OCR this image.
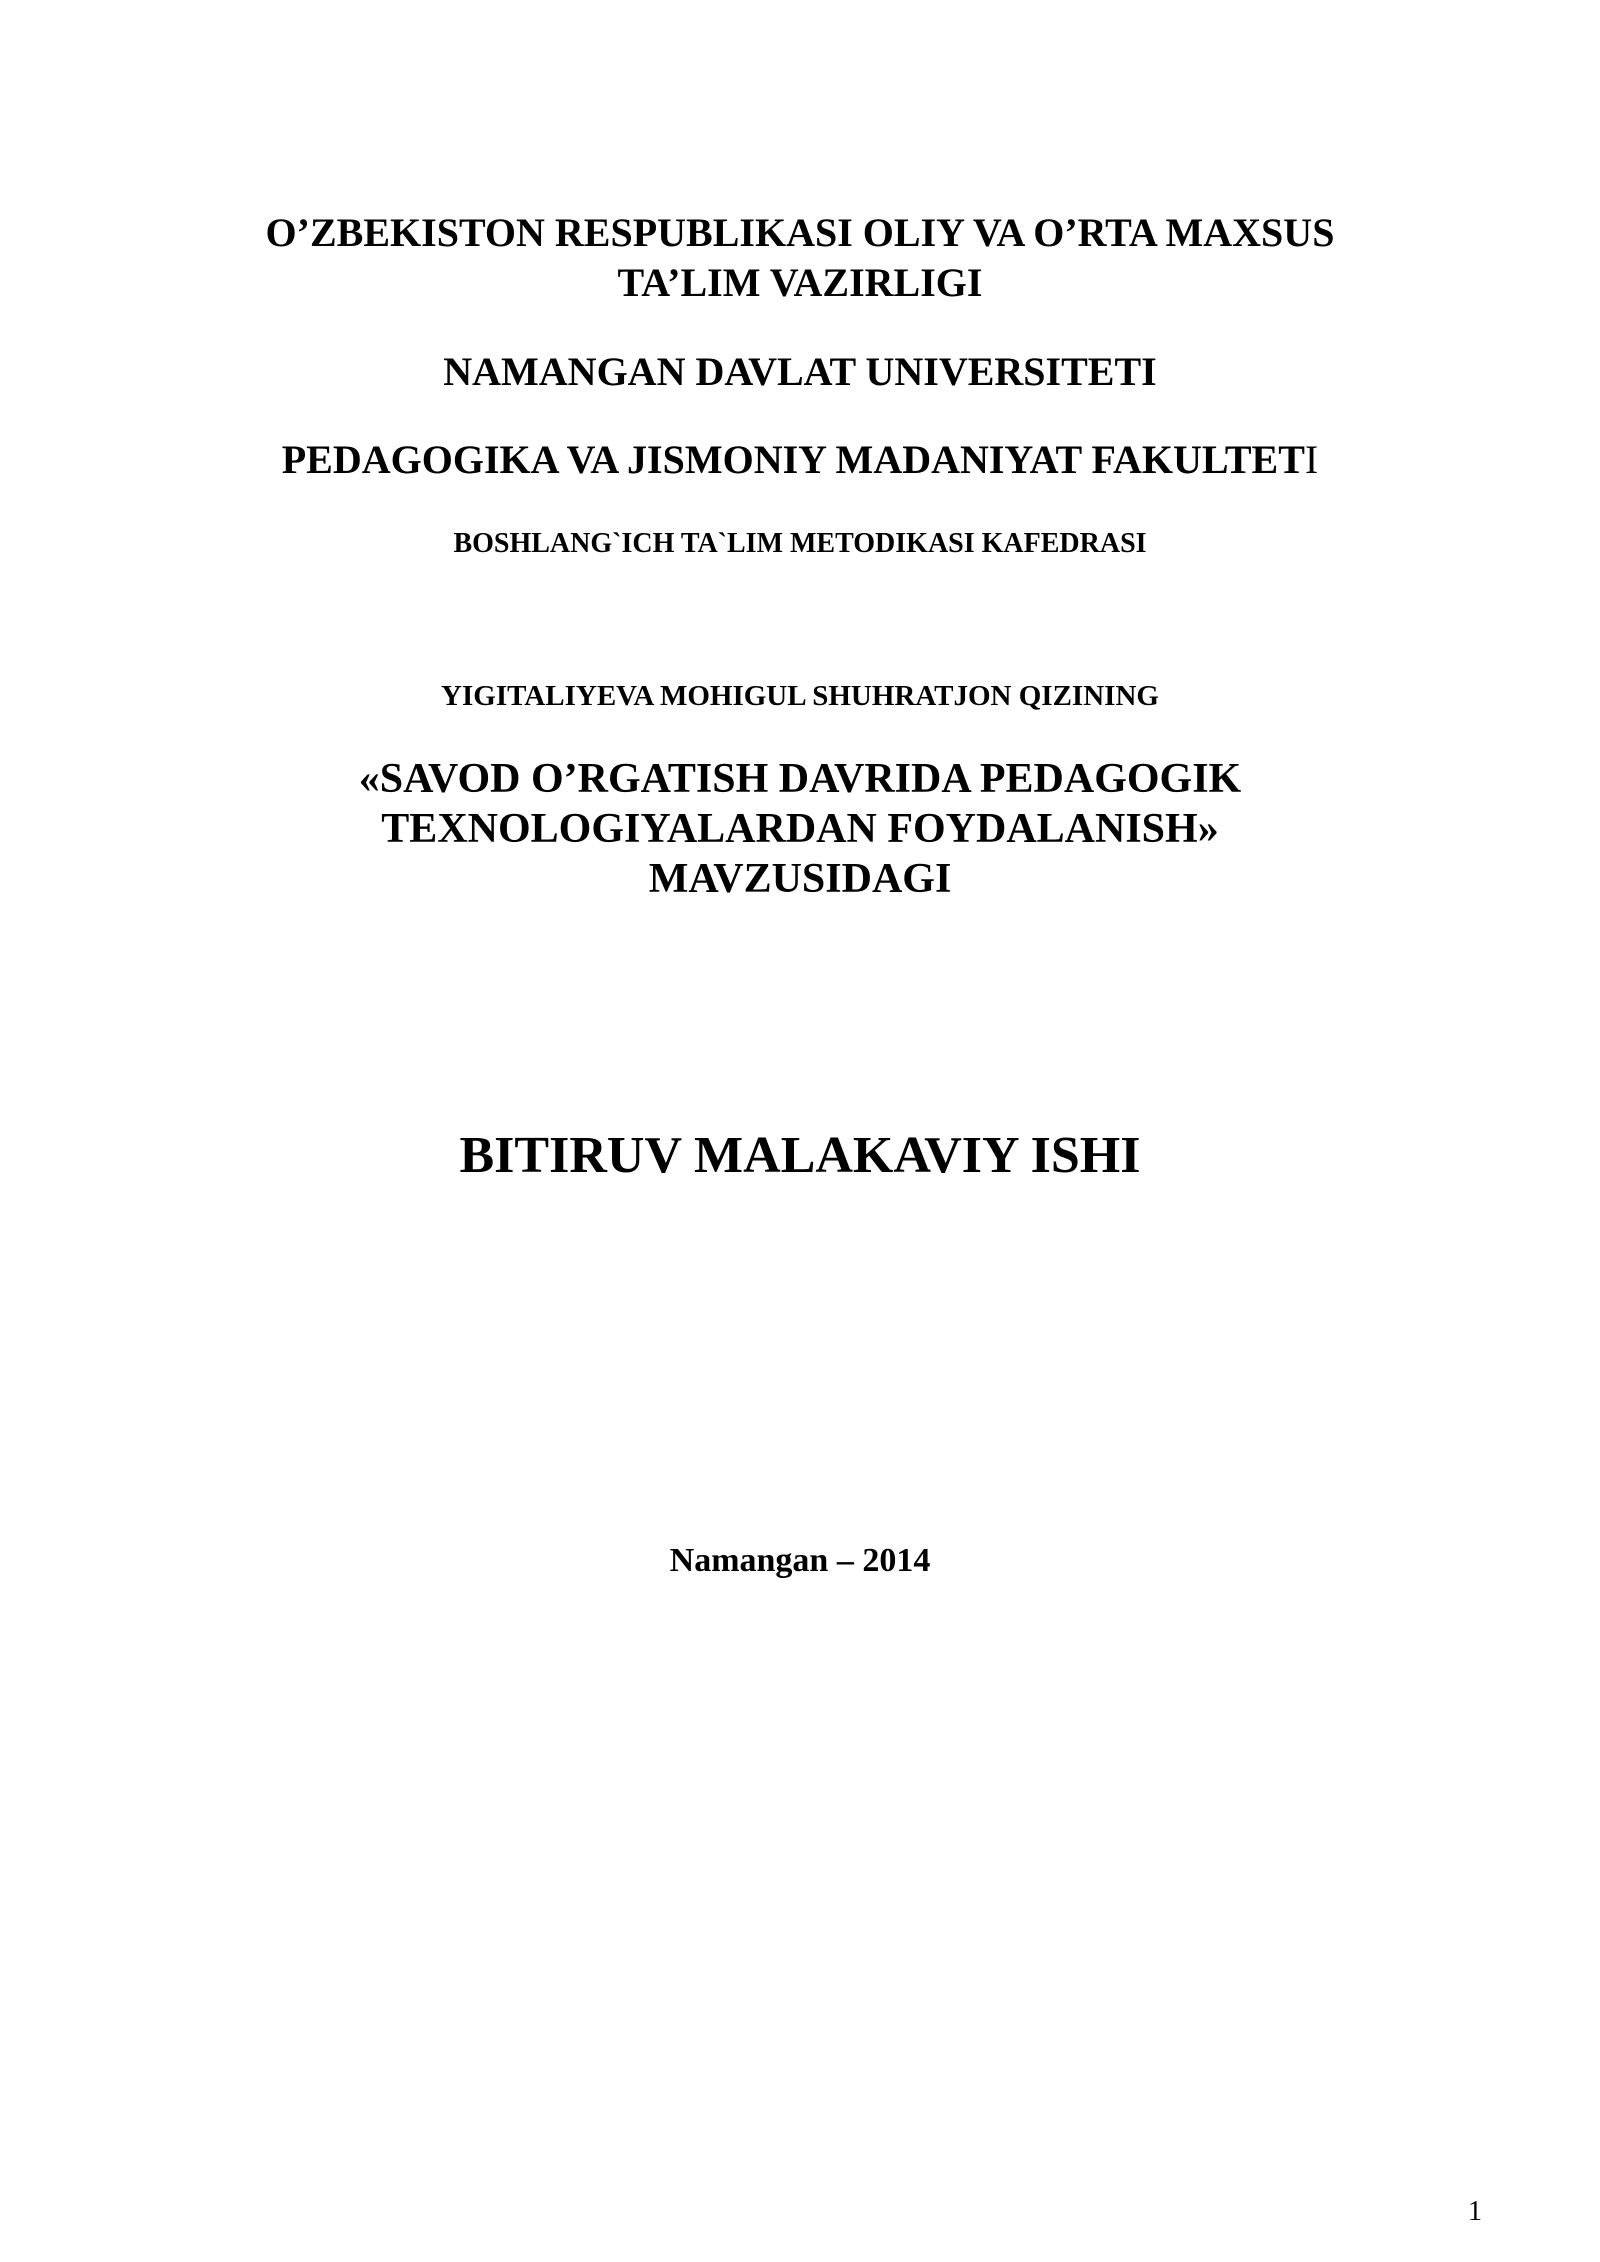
O’ZBEKISTON RESPUBLIKASI OLIY VA O’RTA MAXSUS

TA’LIM VAZIRLIGI

NAMANGAN DAVLAT UNIVERSITETI

PEDAGOGIKA VA JISMONIY MADANIYAT FAKULTETI

BOSHLANG`ICH TA`LIM METODIKASI KAFEDRASI

YIGITALIYEVA MOHIGUL SHUHRATJON QIZINING

«SAVOD O’RGATISH DAVRIDA PEDAGOGIK

TEXNOLOGIYALARDAN FOYDALANISH»

MAVZUSIDAGI

BITIRUV MALAKAVIY ISHI

Namangan – 2014

1
